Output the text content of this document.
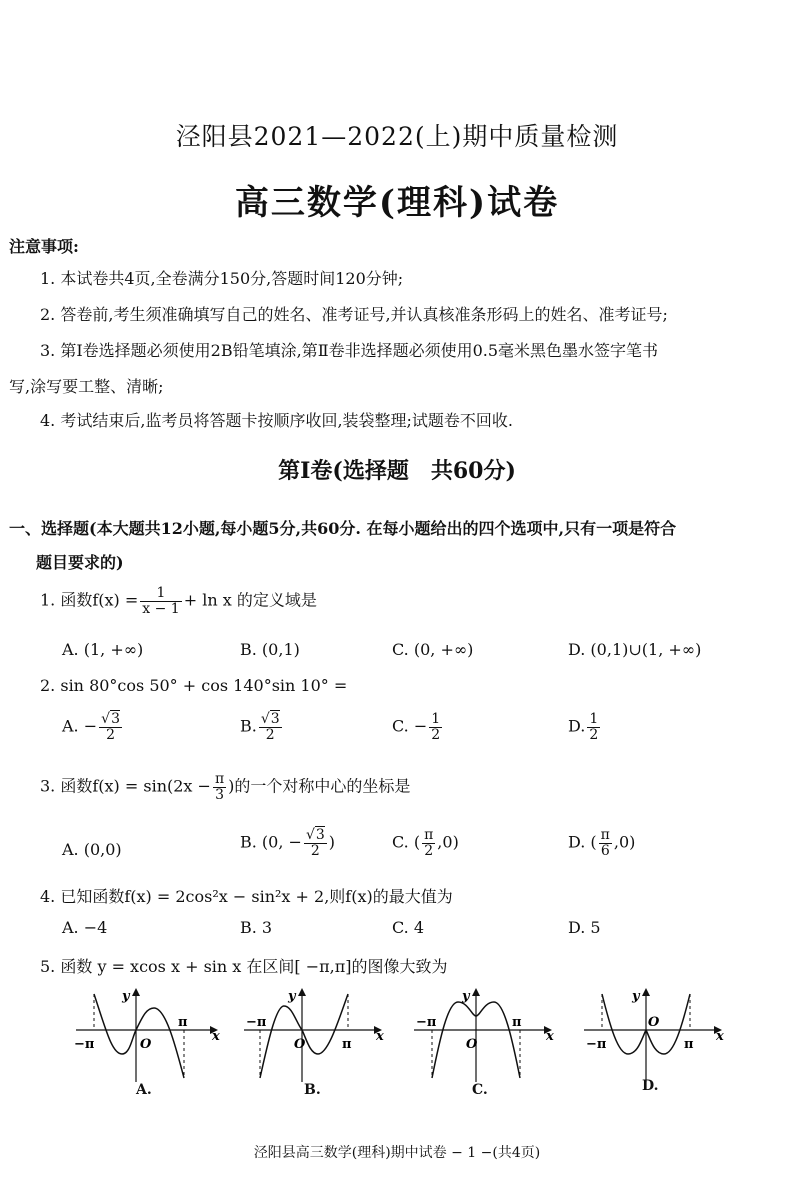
泾阳县2021—2022(上)期中质量检测
高三数学(理科)试卷
注意事项:
1. 本试卷共4页,全卷满分150分,答题时间120分钟;
2. 答卷前,考生须准确填写自己的姓名、准考证号,并认真核准条形码上的姓名、准考证号;
3. 第Ⅰ卷选择题必须使用2B铅笔填涂,第Ⅱ卷非选择题必须使用0.5毫米黑色墨水签字笔书
写,涂写要工整、清晰;
4. 考试结束后,监考员将答题卡按顺序收回,装袋整理;试题卷不回收.
第Ⅰ卷(选择题　共60分)
一、选择题(本大题共12小题,每小题5分,共60分. 在每小题给出的四个选项中,只有一项是符合
题目要求的)
1. 函数$f(x) = \frac{1}{x - 1} + \ln x$ 的定义域是
A. (1, +∞)	B. (0,1)	C. (0, +∞)	D. (0,1)∪(1, +∞)
2. sin 80°cos 50° + cos 140°sin 10° =
A. − $\frac{√3}{2}$	B. $\frac{√3}{2}$	C. − $\frac{1}{2}$	D. $\frac{1}{2}$
3. 函数$f(x) = \sin(2x - \frac{\pi}{3}$ )的一个对称中心的坐标是
A. (0,0)	B. (0, − $\frac{√3}{2}$ )	C. ( $\frac{\pi}{2} ,0$)	D. ( $\frac{\pi}{6} ,0$)
4. 已知函数f(x) = 2cos²x − sin²x + 2,则f(x)的最大值为
A. −4	B. 3	C. 4	D. 5
5. 函数 y = xcos x + sin x 在区间[ −π,π]的图像大致为
y
x
O
−π
π
A.
y
x
O
−π
π
B.
y
x
O
−π	π
C.
y
x
O
−π	π
D.
泾阳县高三数学(理科)期中试卷 − 1 −(共4页)
